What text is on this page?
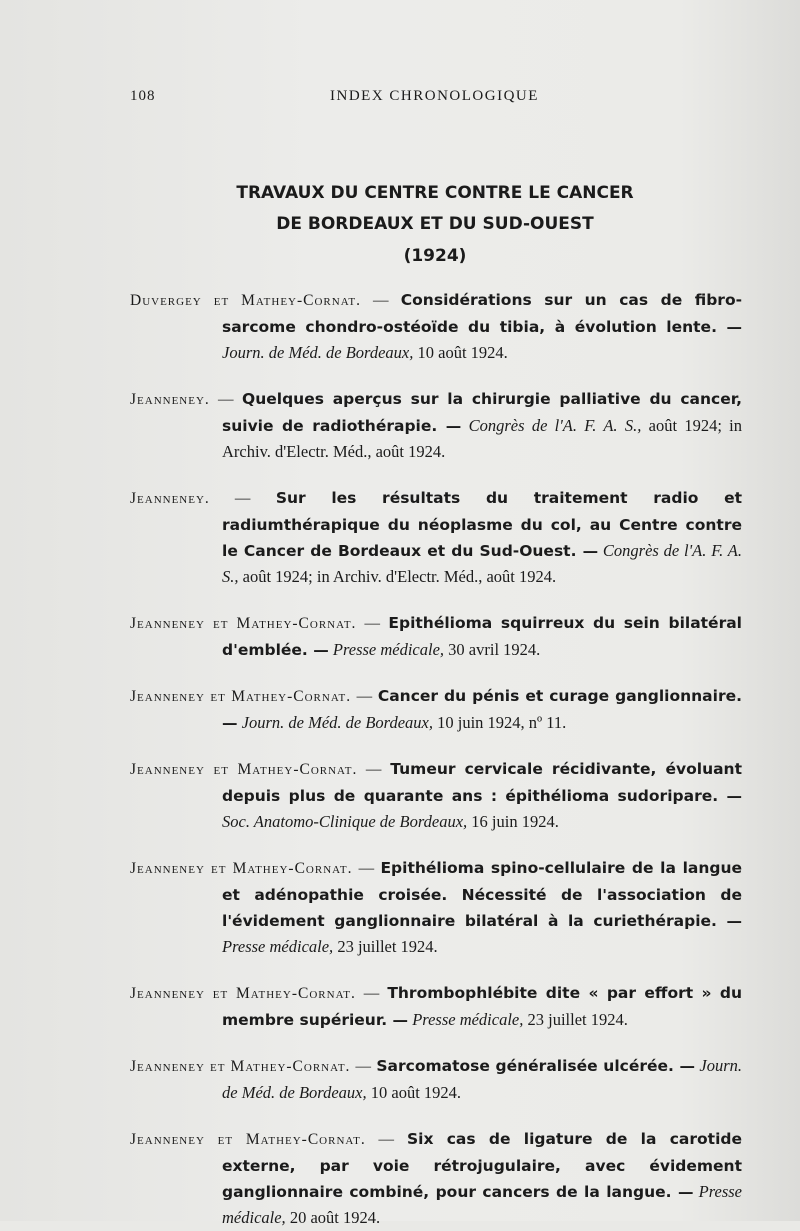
108	INDEX CHRONOLOGIQUE
TRAVAUX DU CENTRE CONTRE LE CANCER
DE BORDEAUX ET DU SUD-OUEST
(1924)

Duvergey et Mathey-Cornat. — Considérations sur un cas de fibro-sarcome chondro-ostéoïde du tibia, à évolution lente. — Journ. de Méd. de Bordeaux, 10 août 1924.

Jeanneney. — Quelques aperçus sur la chirurgie palliative du cancer, suivie de radiothérapie. — Congrès de l'A. F. A. S., août 1924; in Archiv. d'Electr. Méd., août 1924.

Jeanneney. — Sur les résultats du traitement radio et radiumthérapique du néoplasme du col, au Centre contre le Cancer de Bordeaux et du Sud-Ouest. — Congrès de l'A. F. A. S., août 1924; in Archiv. d'Electr. Méd., août 1924.

Jeanneney et Mathey-Cornat. — Epithélioma squirreux du sein bilatéral d'emblée. — Presse médicale, 30 avril 1924.

Jeanneney et Mathey-Cornat. — Cancer du pénis et curage ganglionnaire. — Journ. de Méd. de Bordeaux, 10 juin 1924, nº 11.

Jeanneney et Mathey-Cornat. — Tumeur cervicale récidivante, évoluant depuis plus de quarante ans : épithélioma sudoripare. — Soc. Anatomo-Clinique de Bordeaux, 16 juin 1924.

Jeanneney et Mathey-Cornat. — Epithélioma spino-cellulaire de la langue et adénopathie croisée. Nécessité de l'association de l'évidement ganglionnaire bilatéral à la curiethérapie. — Presse médicale, 23 juillet 1924.

Jeanneney et Mathey-Cornat. — Thrombophlébite dite « par effort » du membre supérieur. — Presse médicale, 23 juillet 1924.

Jeanneney et Mathey-Cornat. — Sarcomatose généralisée ulcérée. — Journ. de Méd. de Bordeaux, 10 août 1924.

Jeanneney et Mathey-Cornat. — Six cas de ligature de la carotide externe, par voie rétrojugulaire, avec évidement ganglionnaire combiné, pour cancers de la langue. — Presse médicale, 20 août 1924.
